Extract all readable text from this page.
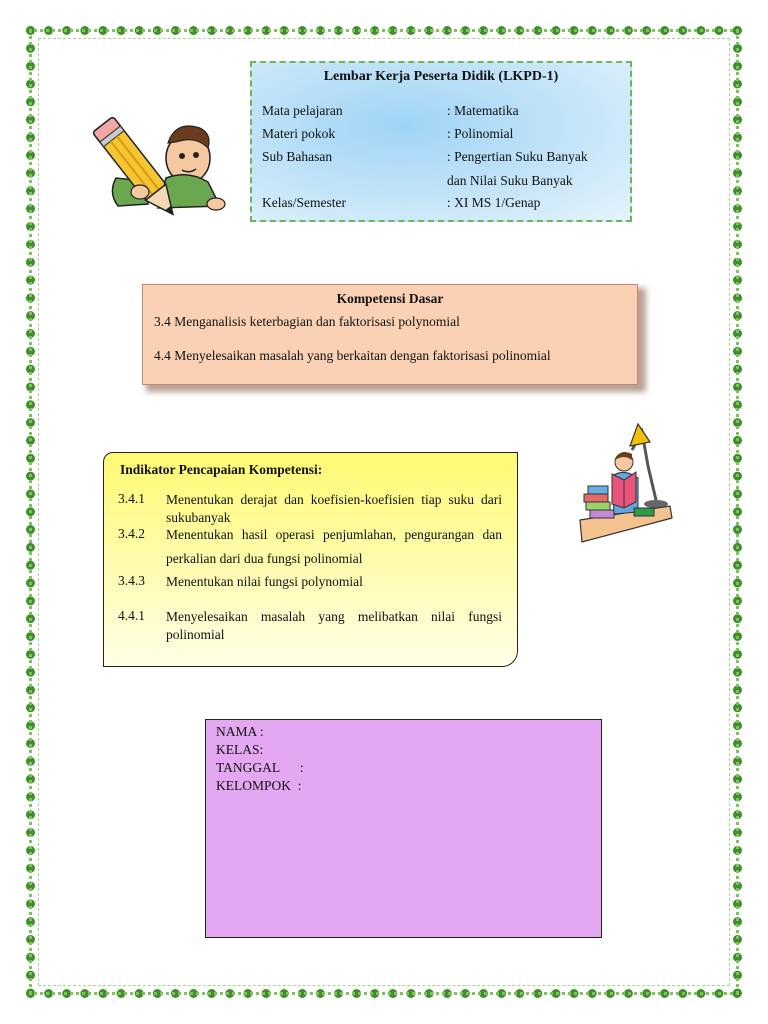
Lembar Kerja Peserta Didik (LKPD-1)
Mata pelajaran	: Matematika
Materi pokok	: Polinomial
Sub Bahasan	: Pengertian Suku Banyak
dan Nilai Suku Banyak
Kelas/Semester	: XI MS 1/Genap
Kompetensi Dasar
3.4 Menganalisis keterbagian dan faktorisasi polynomial
4.4 Menyelesaikan masalah yang berkaitan dengan faktorisasi polinomial
Indikator Pencapaian Kompetensi:
3.4.1 Menentukan derajat dan koefisien-koefisien tiap suku dari
sukubanyak
3.4.2 Menentukan hasil operasi penjumlahan, pengurangan dan
perkalian dari dua fungsi polinomial
3.4.3 Menentukan nilai fungsi polynomial
4.4.1 Menyelesaikan masalah yang melibatkan nilai fungsi
polinomial
NAMA :
KELAS:
TANGGAL      :
KELOMPOK  :
